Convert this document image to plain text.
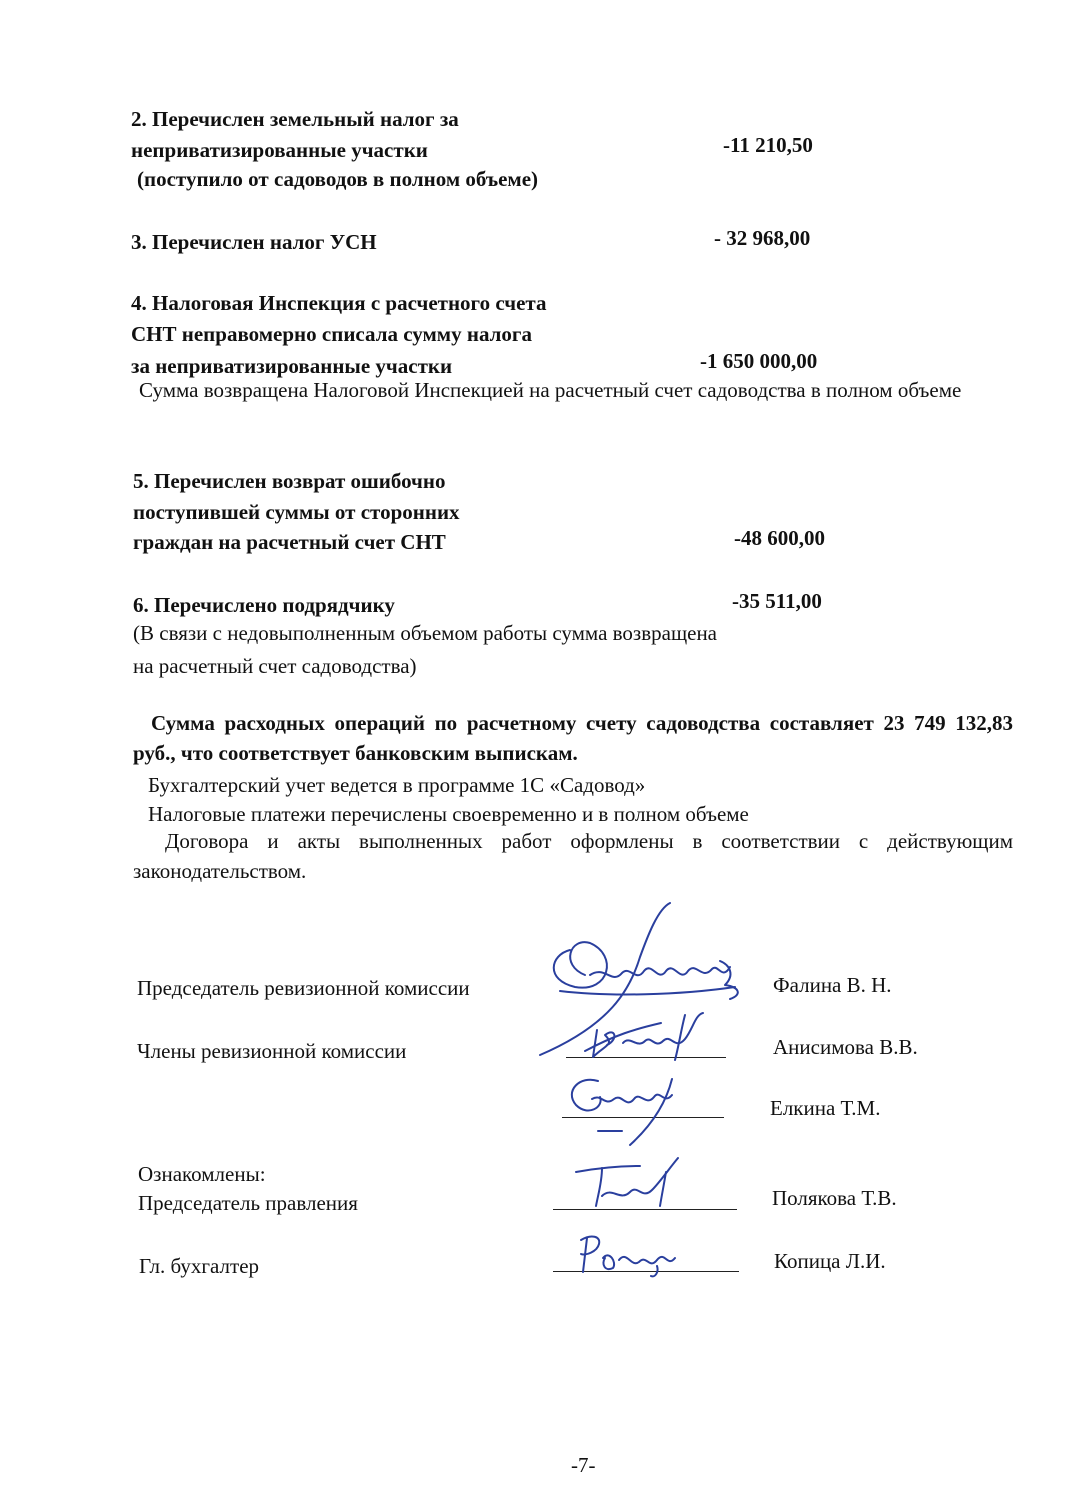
2. Перечислен земельный налог за
неприватизированные участки
(поступило от садоводов в полном объеме)
-11 210,50
3. Перечислен налог УСН	- 32 968,00
4. Налоговая Инспекция с расчетного счета
СНТ неправомерно списала сумму налога
за неприватизированные участки	-1 650 000,00
Сумма возвращена Налоговой Инспекцией на расчетный счет садоводства в полном объеме
5. Перечислен возврат ошибочно
поступившей суммы от сторонних
граждан на расчетный счет СНТ	-48 600,00
6. Перечислено подрядчику	-35 511,00
(В связи с недовыполненным объемом работы сумма возвращена
на расчетный счет садоводства)
Сумма расходных операций по расчетному счету садоводства составляет 23 749 132,83 руб., что соответствует банковским выпискам.
Бухгалтерский учет ведется в программе 1С «Садовод»
Налоговые платежи перечислены своевременно и в полном объеме
Договора и акты выполненных работ оформлены в соответствии с действующим законодательством.
Председатель ревизионной комиссии	Фалина В. Н.
Члены ревизионной комиссии	Анисимова В.В.
Елкина Т.М.
Ознакомлены:
Председатель правления	Полякова Т.В.
Гл. бухгалтер	Копица Л.И.
-7-
